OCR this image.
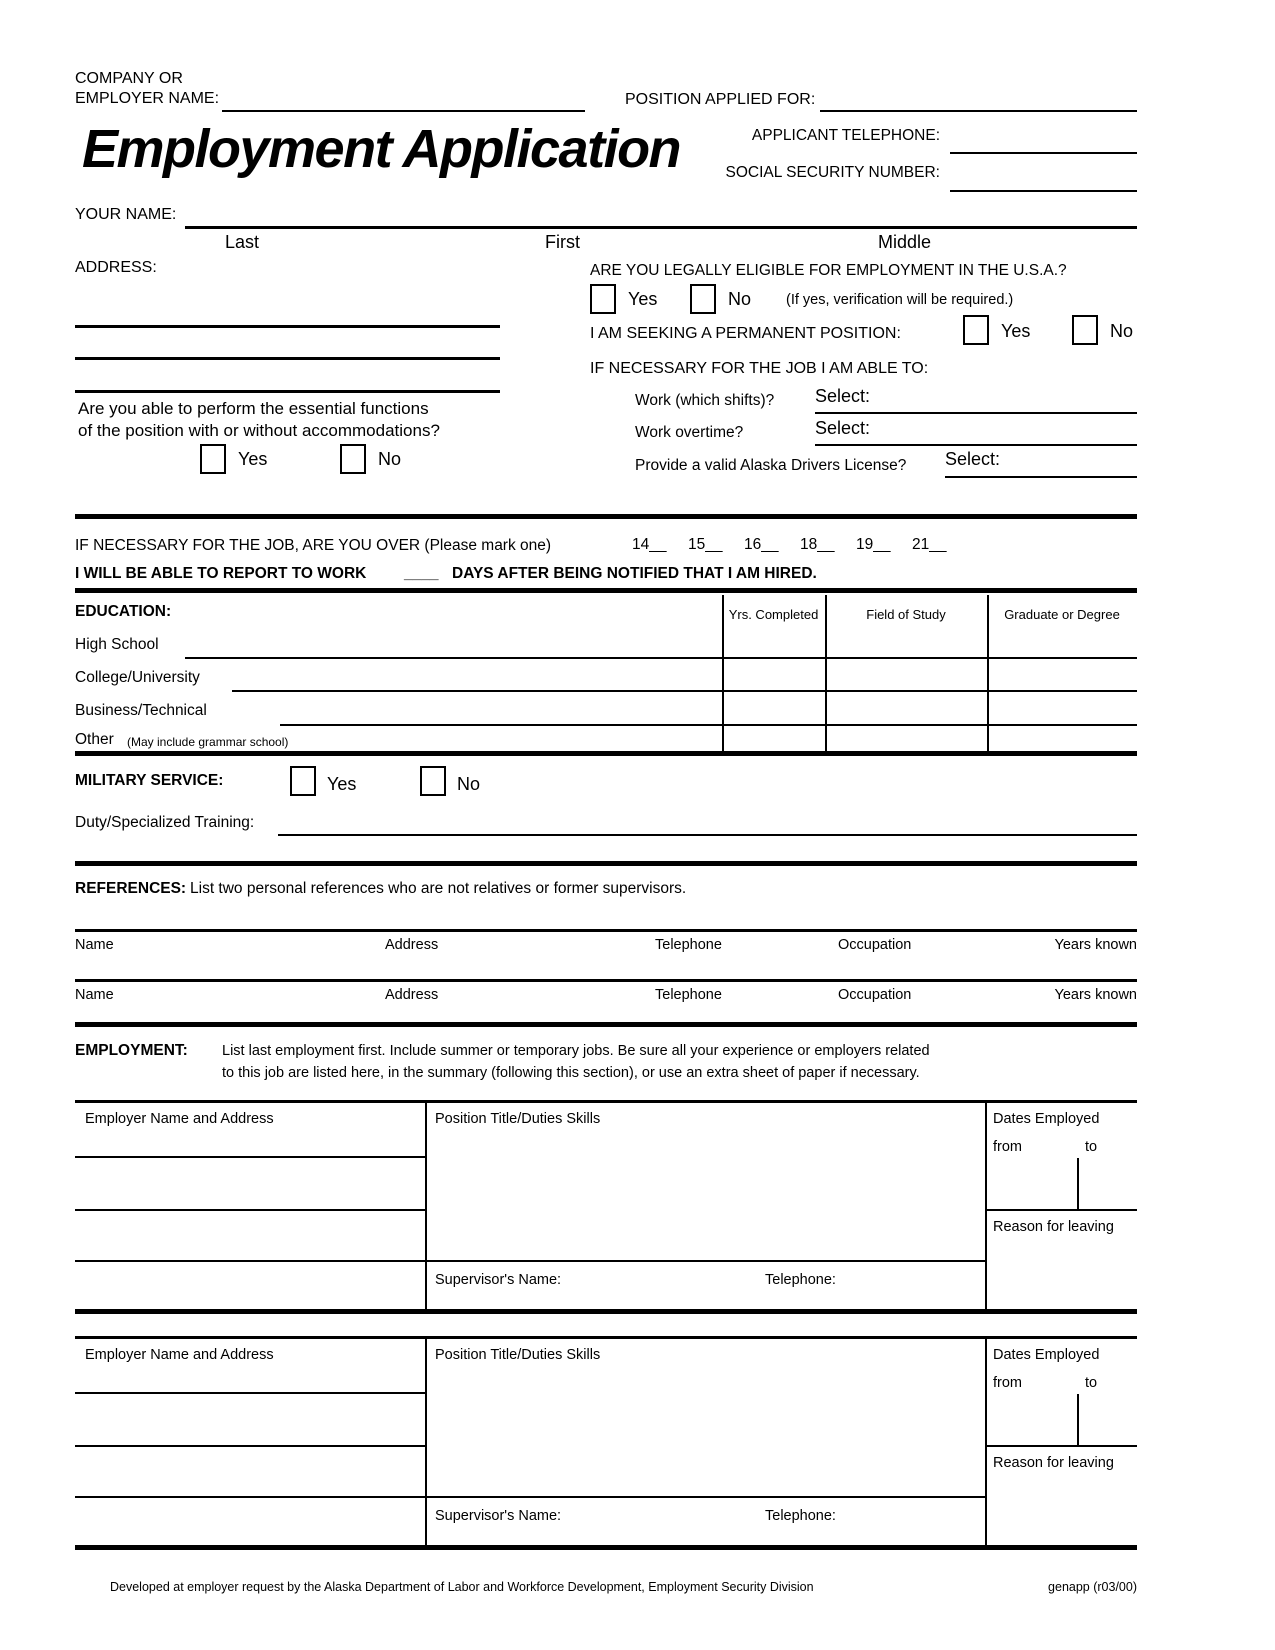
COMPANY OR
EMPLOYER NAME:	POSITION APPLIED FOR:
Employment Application	APPLICANT TELEPHONE:
SOCIAL SECURITY NUMBER:
YOUR NAME:
Last	First	Middle
ADDRESS:
Are you able to perform the essential functions
of the position with or without accommodations?
Yes	No
ARE YOU LEGALLY ELIGIBLE FOR EMPLOYMENT IN THE U.S.A.?
Yes	No (If yes, verification will be required.)
I AM SEEKING A PERMANENT POSITION:	Yes	No
IF NECESSARY FOR THE JOB I AM ABLE TO:
Work (which shifts)? Select:
Work overtime?	Select:
Provide a valid Alaska Drivers License? Select:
IF NECESSARY FOR THE JOB, ARE YOU OVER (Please mark one)	14__ 15__ 16__ 18__ 19__ 21__
I WILL BE ABLE TO REPORT TO WORK ____ DAYS AFTER BEING NOTIFIED THAT I AM HIRED.
EDUCATION:	Yrs. Completed	Field of Study	Graduate or Degree
High School
College/University
Business/Technical
Other (May include grammar school)
MILITARY SERVICE:	Yes	No
Duty/Specialized Training:
REFERENCES: List two personal references who are not relatives or former supervisors.
Name	Address	Telephone	Occupation	Years known
Name	Address	Telephone	Occupation	Years known
EMPLOYMENT: List last employment first. Include summer or temporary jobs. Be sure all your experience or employers related
to this job are listed here, in the summary (following this section), or use an extra sheet of paper if necessary.
Employer Name and Address	Position Title/Duties Skills	Dates Employed
from	to
Reason for leaving
Supervisor's Name:	Telephone:
Employer Name and Address	Position Title/Duties Skills	Dates Employed
from	to
Reason for leaving
Supervisor's Name:	Telephone:
Developed at employer request by the Alaska Department of Labor and Workforce Development, Employment Security Division	genapp (r03/00)
